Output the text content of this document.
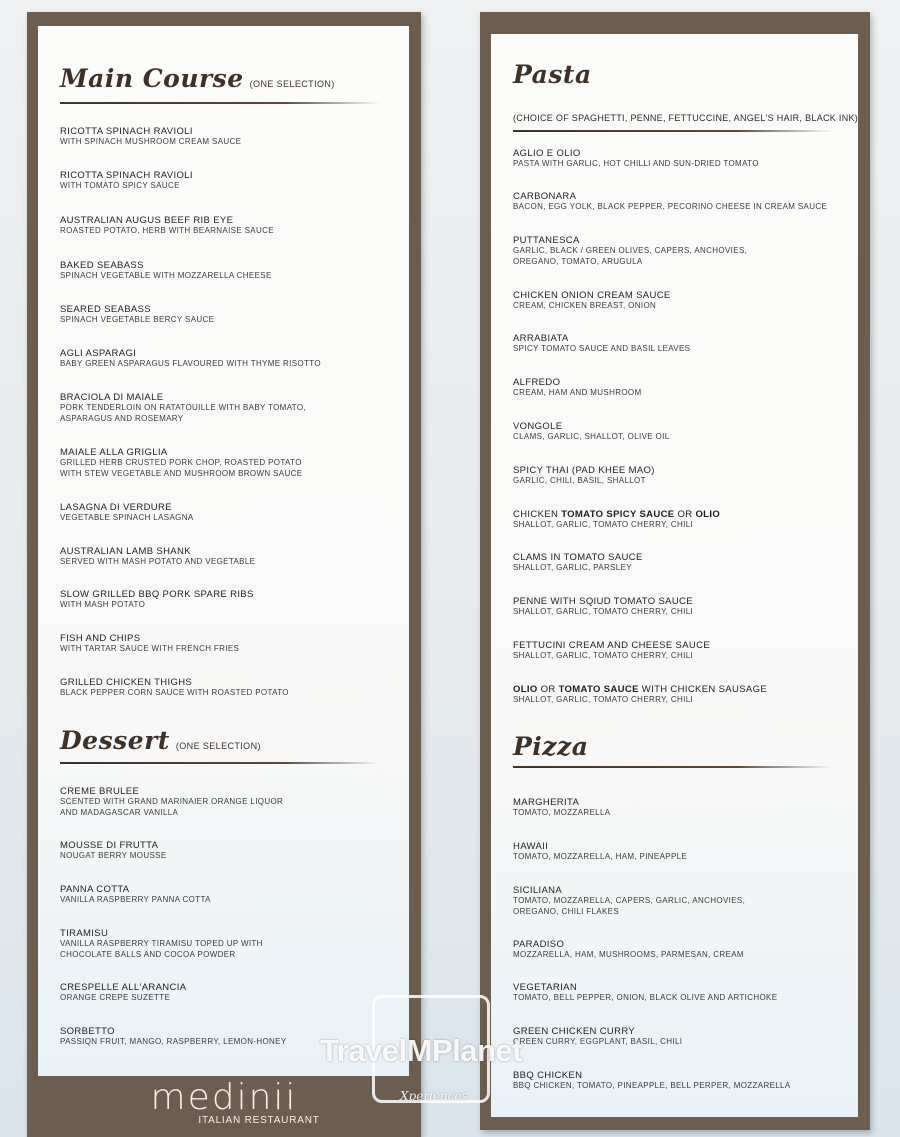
Main Course (ONE SELECTION)
RICOTTA SPINACH RAVIOLI
WITH SPINACH MUSHROOM CREAM SAUCE
RICOTTA SPINACH RAVIOLI
WITH TOMATO SPICY SAUCE
AUSTRALIAN AUGUS BEEF RIB EYE
ROASTED POTATO, HERB WITH BEARNAISE SAUCE
BAKED SEABASS
SPINACH VEGETABLE WITH MOZZARELLA CHEESE
SEARED SEABASS
SPINACH VEGETABLE BERCY SAUCE
AGLI ASPARAGI
BABY GREEN ASPARAGUS FLAVOURED WITH THYME RISOTTO
BRACIOLA DI MAIALE
PORK TENDERLOIN ON RATATOUILLE WITH BABY TOMATO,
ASPARAGUS AND ROSEMARY
MAIALE ALLA GRIGLIA
GRILLED HERB CRUSTED PORK CHOP, ROASTED POTATO
WITH STEW VEGETABLE AND MUSHROOM BROWN SAUCE
LASAGNA DI VERDURE
VEGETABLE SPINACH LASAGNA
AUSTRALIAN LAMB SHANK
SERVED WITH MASH POTATO AND VEGETABLE
SLOW GRILLED BBQ PORK SPARE RIBS
WITH MASH POTATO
FISH AND CHIPS
WITH TARTAR SAUCE WITH FRENCH FRIES
GRILLED CHICKEN THIGHS
BLACK PEPPER CORN SAUCE WITH ROASTED POTATO
Dessert (ONE SELECTION)
CREME BRULEE
SCENTED WITH GRAND MARINAIER ORANGE LIQUOR
AND MADAGASCAR VANILLA
MOUSSE DI FRUTTA
NOUGAT BERRY MOUSSE
PANNA COTTA
VANILLA RASPBERRY PANNA COTTA
TIRAMISU
VANILLA RASPBERRY TIRAMISU TOPED UP WITH
CHOCOLATE BALLS AND COCOA POWDER
CRESPELLE ALL'ARANCIA
ORANGE CREPE SUZETTE
SORBETTO
PASSIQN FRUIT, MANGO, RASPBERRY, LEMON-HONEY
medinii
ITALIAN RESTAURANT
Pasta
(CHOICE OF SPAGHETTI, PENNE, FETTUCCINE, ANGEL'S HAIR, BLACK INK)
AGLIO E OLIO
PASTA WITH GARLIC, HOT CHILLI AND SUN-DRIED TOMATO
CARBONARA
BACON, EGG YOLK, BLACK PEPPER, PECORINO CHEESE IN CREAM SAUCE
PUTTANESCA
GARLIC, BLACK / GREEN OLIVES, CAPERS, ANCHOVIES,
OREGANO, TOMATO, ARUGULA
CHICKEN ONION CREAM SAUCE
CREAM, CHICKEN BREAST, ONION
ARRABIATA
SPICY TOMATO SAUCE AND BASIL LEAVES
ALFREDO
CREAM, HAM AND MUSHROOM
VONGOLE
CLAMS, GARLIC, SHALLOT, OLIVE OIL
SPICY THAI (PAD KHEE MAO)
GARLIC, CHILI, BASIL, SHALLOT
CHICKEN TOMATO SPICY SAUCE OR OLIO
SHALLOT, GARLIC, TOMATO CHERRY, CHILI
CLAMS IN TOMATO SAUCE
SHALLOT, GARLIC, PARSLEY
PENNE WITH SQIUD TOMATO SAUCE
SHALLOT, GARLIC, TOMATO CHERRY, CHILI
FETTUCINI CREAM AND CHEESE SAUCE
SHALLOT, GARLIC, TOMATO CHERRY, CHILI
OLIO OR TOMATO SAUCE WITH CHICKEN SAUSAGE
SHALLOT, GARLIC, TOMATO CHERRY, CHILI
Pizza
MARGHERITA
TOMATO, MOZZARELLA
HAWAII
TOMATO, MOZZARELLA, HAM, PINEAPPLE
SICILIANA
TOMATO, MOZZARELLA, CAPERS, GARLIC, ANCHOVIES,
OREGANO, CHILI FLAKES
PARADISO
MOZZARELLA, HAM, MUSHROOMS, PARMESAN, CREAM
VEGETARIAN
TOMATO, BELL PEPPER, ONION, BLACK OLIVE AND ARTICHOKE
GREEN CHICKEN CURRY
GREEN CURRY, EGGPLANT, BASIL, CHILI
BBQ CHICKEN
BBQ CHICKEN, TOMATO, PINEAPPLE, BELL PERPER, MOZZARELLA
TravelMPlanet
Xperiences
